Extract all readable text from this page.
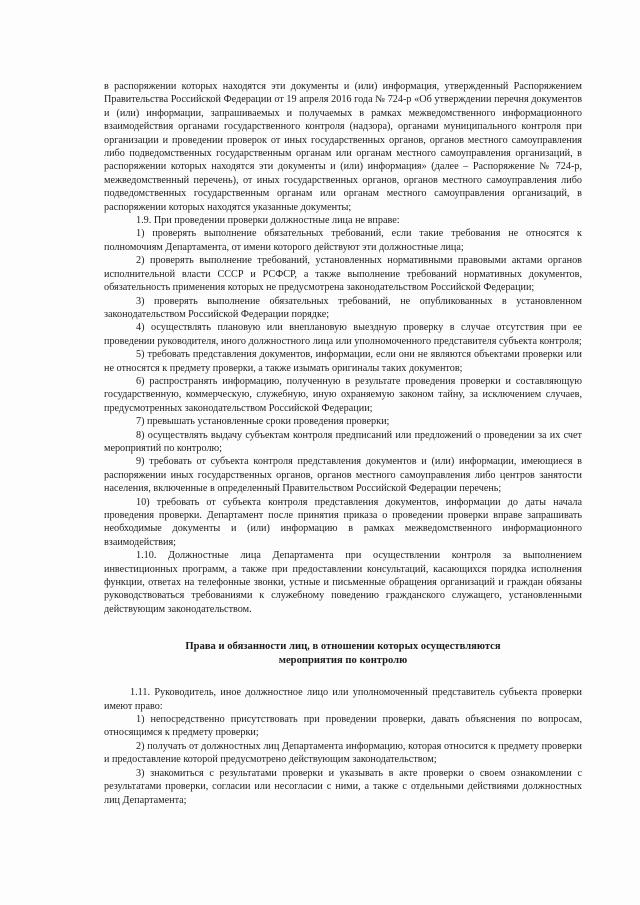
в распоряжении которых находятся эти документы и (или) информация, утвержденный Распоряжением Правительства Российской Федерации от 19 апреля 2016 года № 724-р «Об утверждении перечня документов и (или) информации, запрашиваемых и получаемых в рамках межведомственного информационного взаимодействия органами государственного контроля (надзора), органами муниципального контроля при организации и проведении проверок от иных государственных органов, органов местного самоуправления либо подведомственных государственным органам или органам местного самоуправления организаций, в распоряжении которых находятся эти документы и (или) информация» (далее – Распоряжение № 724-р, межведомственный перечень), от иных государственных органов, органов местного самоуправления либо подведомственных государственным органам или органам местного самоуправления организаций, в распоряжении которых находятся указанные документы;

1.9. При проведении проверки должностные лица не вправе:

1) проверять выполнение обязательных требований, если такие требования не относятся к полномочиям Департамента, от имени которого действуют эти должностные лица;

2) проверять выполнение требований, установленных нормативными правовыми актами органов исполнительной власти СССР и РСФСР, а также выполнение требований нормативных документов, обязательность применения которых не предусмотрена законодательством Российской Федерации;

3) проверять выполнение обязательных требований, не опубликованных в установленном законодательством Российской Федерации порядке;

4) осуществлять плановую или внеплановую выездную проверку в случае отсутствия при ее проведении руководителя, иного должностного лица или уполномоченного представителя субъекта контроля;

5) требовать представления документов, информации, если они не являются объектами проверки или не относятся к предмету проверки, а также изымать оригиналы таких документов;

6) распространять информацию, полученную в результате проведения проверки и составляющую государственную, коммерческую, служебную, иную охраняемую законом тайну, за исключением случаев, предусмотренных законодательством Российской Федерации;

7) превышать установленные сроки проведения проверки;

8) осуществлять выдачу субъектам контроля предписаний или предложений о проведении за их счет мероприятий по контролю;

9) требовать от субъекта контроля представления документов и (или) информации, имеющиеся в распоряжении иных государственных органов, органов местного самоуправления либо центров занятости населения, включенные в определенный Правительством Российской Федерации перечень;

10) требовать от субъекта контроля представления документов, информации до даты начала проведения проверки. Департамент после принятия приказа о проведении проверки вправе запрашивать необходимые документы и (или) информацию в рамках межведомственного информационного взаимодействия;

1.10. Должностные лица Департамента при осуществлении контроля за выполнением инвестиционных программ, а также при предоставлении консультаций, касающихся порядка исполнения функции, ответах на телефонные звонки, устные и письменные обращения организаций и граждан обязаны руководствоваться требованиями к служебному поведению гражданского служащего, установленными действующим законодательством.

Права и обязанности лиц, в отношении которых осуществляются
мероприятия по контролю

1.11. Руководитель, иное должностное лицо или уполномоченный представитель субъекта проверки имеют право:

1) непосредственно присутствовать при проведении проверки, давать объяснения по вопросам, относящимся к предмету проверки;

2) получать от должностных лиц Департамента информацию, которая относится к предмету проверки и предоставление которой предусмотрено действующим законодательством;

3) знакомиться с результатами проверки и указывать в акте проверки о своем ознакомлении с результатами проверки, согласии или несогласии с ними, а также с отдельными действиями должностных лиц Департамента;
